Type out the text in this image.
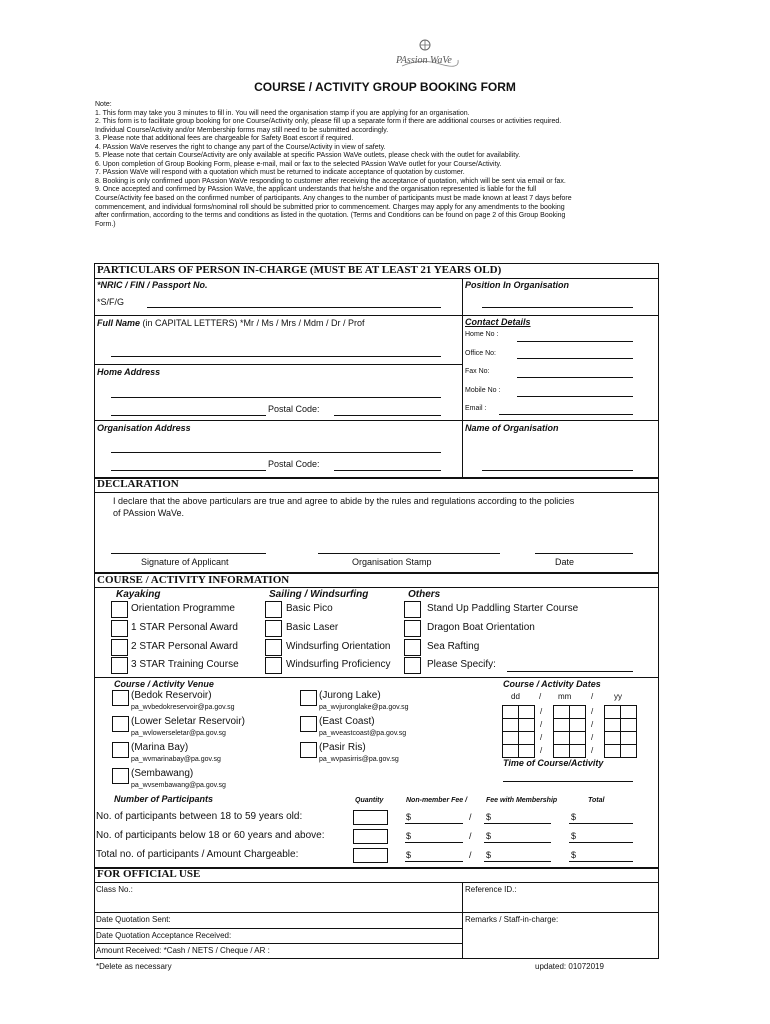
PAssion WaVe
COURSE / ACTIVITY GROUP BOOKING FORM
Note:
1. This form may take you 3 minutes to fill in. You will need the organisation stamp if you are applying for an organisation.
2. This form is to facilitate group booking for one Course/Activity only, please fill up a separate form if there are additional courses or activities required.
Individual Course/Activity and/or Membership forms may still need to be submitted accordingly.
3. Please note that additional fees are chargeable for Safety Boat escort if required.
4. PAssion WaVe reserves the right to change any part of the Course/Activity in view of safety.
5. Please note that certain Course/Activity are only available at specific PAssion WaVe outlets, please check with the outlet for availability.
6. Upon completion of Group Booking Form, please e-mail, mail or fax to the selected PAssion WaVe outlet for your Course/Activity.
7. PAssion WaVe will respond with a quotation which must be returned to indicate acceptance of quotation by customer.
8. Booking is only confirmed upon PAssion WaVe responding to customer after receiving the acceptance of quotation, which will be sent via email or fax.
9. Once accepted and confirmed by PAssion WaVe, the applicant understands that he/she and the organisation represented is liable for the full
Course/Activity fee based on the confirmed number of participants. Any changes to the number of participants must be made known at least 7 days before
commencement, and individual forms/nominal roll should be submitted prior to commencement. Charges may apply for any amendments to the booking
after confirmation, according to the terms and conditions as listed in the quotation. (Terms and Conditions can be found on page 2 of this Group Booking
Form.)
PARTICULARS OF PERSON IN-CHARGE (MUST BE AT LEAST 21 YEARS OLD)
*NRIC / FIN / Passport No.
*S/F/G
Position In Organisation
Full Name (in CAPITAL LETTERS) *Mr / Ms / Mrs / Mdm / Dr / Prof	Contact Details
Home No :
Office No:
Fax No:
Mobile No :
Email :
Home Address
Postal Code:
Organisation Address
Postal Code:
Name of Organisation
DECLARATION
I declare that the above particulars are true and agree to abide by the rules and regulations according to the policies
of PAssion WaVe.
Signature of Applicant	Organisation Stamp	Date
COURSE / ACTIVITY INFORMATION
Kayaking	Sailing / Windsurfing	Others
Orientation Programme
1 STAR Personal Award
2 STAR Personal Award
3 STAR Training Course
Basic Pico
Basic Laser
Windsurfing Orientation
Windsurfing Proficiency
Stand Up Paddling Starter Course
Dragon Boat Orientation
Sea Rafting
Please Specify:
Course / Activity Venue	Course / Activity Dates
(Bedok Reservoir)
pa_wvbedokreservoir@pa.gov.sg
(Lower Seletar Reservoir)
pa_wvlowerseletar@pa.gov.sg
(Marina Bay)
pa_wvmarinabay@pa.gov.sg
(Sembawang)
pa_wvsembawang@pa.gov.sg
(Jurong Lake)
pa_wvjuronglake@pa.gov.sg
(East Coast)
pa_wveastcoast@pa.gov.sg
(Pasir Ris)
pa_wvpasirris@pa.gov.sg
dd / mm /	yy
/	/
/	/
/	/
/	/
Time of Course/Activity
Number of Participants	Quantity	Non-member Fee /	Fee with Membership	Total
No. of participants between 18 to 59 years old:	$	/ $	$
No. of participants below 18 or 60 years and above:	$	/ $	$
Total no. of participants / Amount Chargeable:	$	/ $	$
FOR OFFICIAL USE
Class No.:	Reference ID.:
Date Quotation Sent:	Remarks / Staff-in-charge:
Date Quotation Acceptance Received:
Amount Received: *Cash / NETS / Cheque / AR :
*Delete as necessary	updated: 01072019
